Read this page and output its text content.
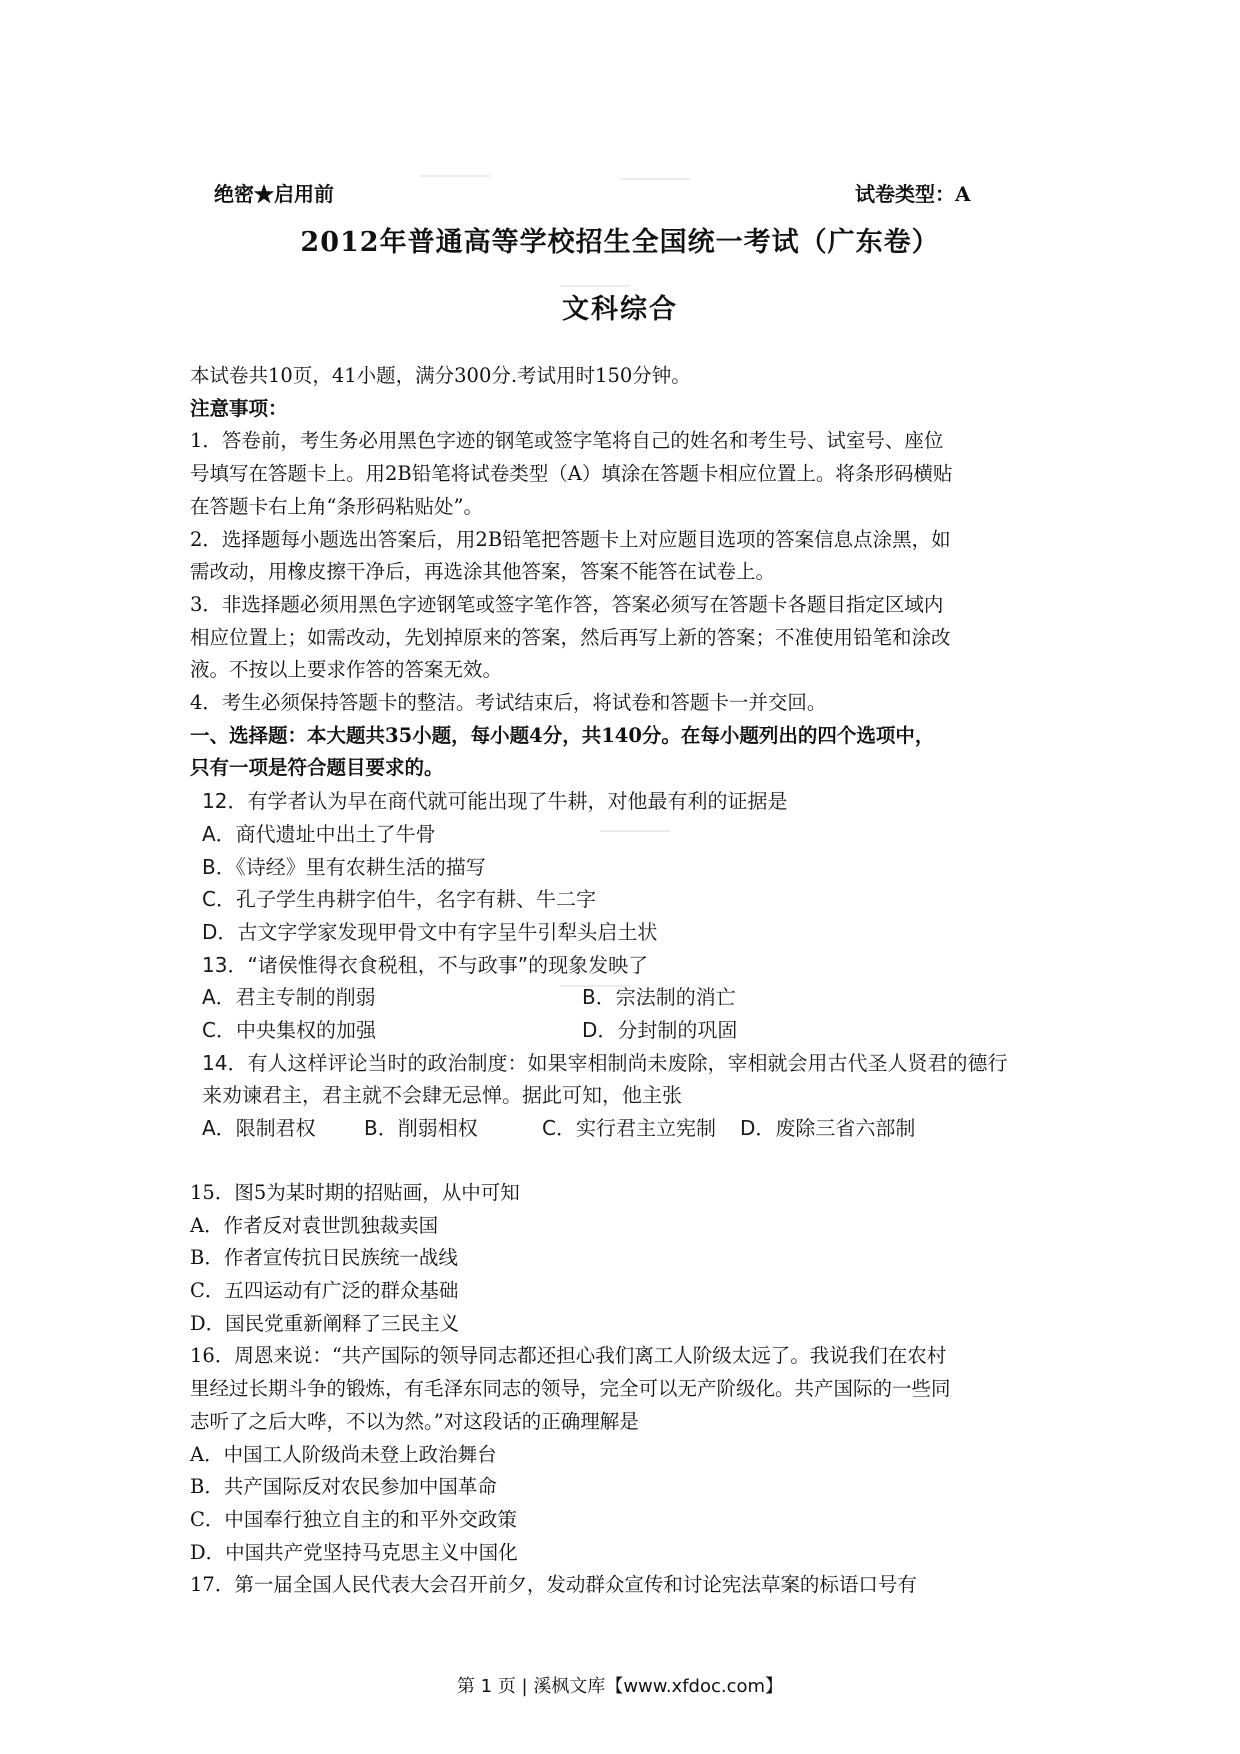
绝密★启用前	试卷类型：A
2012年普通高等学校招生全国统一考试（广东卷）
文科综合

本试卷共10页，41小题，满分300分.考试用时150分钟。

注意事项：

1．答卷前，考生务必用黑色字迹的钢笔或签字笔将自己的姓名和考生号、试室号、座位

号填写在答题卡上。用2B铅笔将试卷类型（A）填涂在答题卡相应位置上。将条形码横贴

在答题卡右上角“条形码粘贴处”。

2．选择题每小题选出答案后，用2B铅笔把答题卡上对应题目选项的答案信息点涂黑，如

需改动，用橡皮擦干净后，再选涂其他答案，答案不能答在试卷上。

3．非选择题必须用黑色字迹钢笔或签字笔作答，答案必须写在答题卡各题目指定区域内

相应位置上；如需改动，先划掉原来的答案，然后再写上新的答案；不准使用铅笔和涂改

液。不按以上要求作答的答案无效。

4．考生必须保持答题卡的整洁。考试结束后，将试卷和答题卡一并交回。

一、选择题：本大题共35小题，每小题4分，共140分。在每小题列出的四个选项中，

只有一项是符合题目要求的。

12．有学者认为早在商代就可能出现了牛耕，对他最有利的证据是

A．商代遗址中出土了牛骨

B．《诗经》里有农耕生活的描写

C．孔子学生冉耕字伯牛，名字有耕、牛二字

D．古文字学家发现甲骨文中有字呈牛引犁头启土状

13．“诸侯惟得衣食税租，不与政事”的现象发映了

A．君主专制的削弱	B．宗法制的消亡
C．中央集权的加强	D．分封制的巩固

14．有人这样评论当时的政治制度：如果宰相制尚未废除，宰相就会用古代圣人贤君的德行

来劝谏君主，君主就不会肆无忌惮。据此可知，他主张

A．限制君权	B．削弱相权	C．实行君主立宪制	D．废除三省六部制

15．图5为某时期的招贴画，从中可知

A．作者反对袁世凯独裁卖国

B．作者宣传抗日民族统一战线

C．五四运动有广泛的群众基础

D．国民党重新阐释了三民主义

16．周恩来说：“共产国际的领导同志都还担心我们离工人阶级太远了。我说我们在农村

里经过长期斗争的锻炼，有毛泽东同志的领导，完全可以无产阶级化。共产国际的一些同

志听了之后大哗，不以为然。”对这段话的正确理解是

A．中国工人阶级尚未登上政治舞台

B．共产国际反对农民参加中国革命

C．中国奉行独立自主的和平外交政策

D．中国共产党坚持马克思主义中国化

17．第一届全国人民代表大会召开前夕，发动群众宣传和讨论宪法草案的标语口号有

第 1 页 | 溪枫文库【www.xfdoc.com】
